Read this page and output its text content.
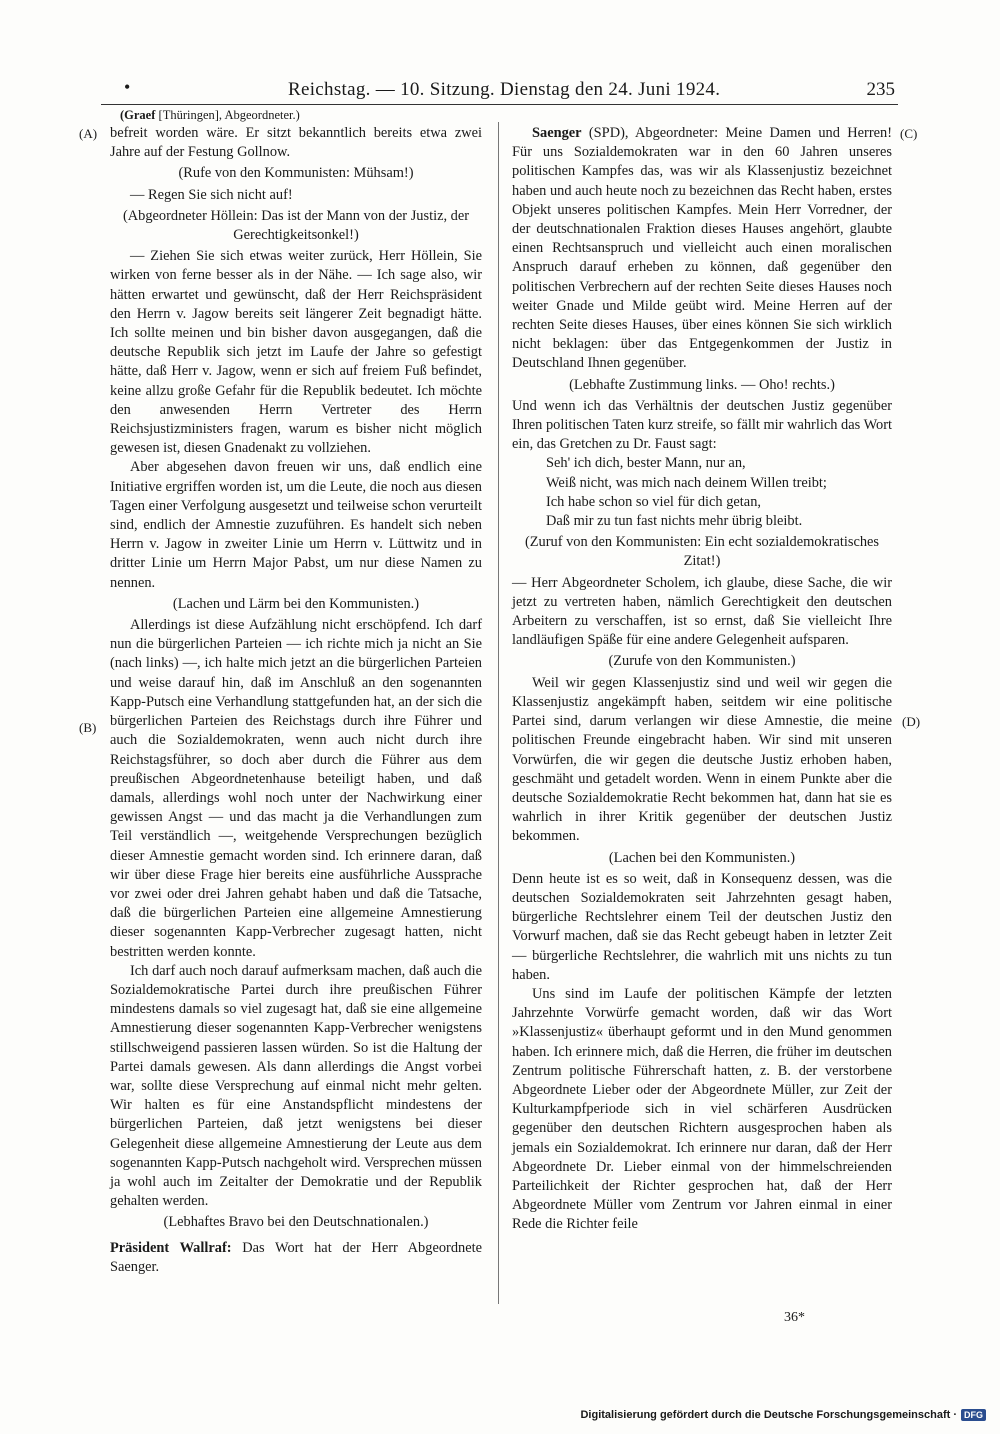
•	Reichstag. — 10. Sitzung. Dienstag den 24. Juni 1924.	235
(Graef [Thüringen], Abgeordneter.)
(A)
(B)
(C)
(D)

befreit worden wäre. Er sitzt bekanntlich bereits etwa zwei Jahre auf der Festung Gollnow.

(Rufe von den Kommunisten: Mühsam!)

— Regen Sie sich nicht auf!

(Abgeordneter Höllein: Das ist der Mann von der Justiz, der Gerechtigkeitsonkel!)

— Ziehen Sie sich etwas weiter zurück, Herr Höllein, Sie wirken von ferne besser als in der Nähe. — Ich sage also, wir hätten erwartet und gewünscht, daß der Herr Reichspräsident den Herrn v. Jagow bereits seit längerer Zeit begnadigt hätte. Ich sollte meinen und bin bisher davon ausgegangen, daß die deutsche Republik sich jetzt im Laufe der Jahre so gefestigt hätte, daß Herr v. Jagow, wenn er sich auf freiem Fuß befindet, keine allzu große Gefahr für die Republik bedeutet. Ich möchte den anwesenden Herrn Vertreter des Herrn Reichsjustizministers fragen, warum es bisher nicht möglich gewesen ist, diesen Gnadenakt zu vollziehen.

Aber abgesehen davon freuen wir uns, daß endlich eine Initiative ergriffen worden ist, um die Leute, die noch aus diesen Tagen einer Verfolgung ausgesetzt und teilweise schon verurteilt sind, endlich der Amnestie zuzuführen. Es handelt sich neben Herrn v. Jagow in zweiter Linie um Herrn v. Lüttwitz und in dritter Linie um Herrn Major Pabst, um nur diese Namen zu nennen.

(Lachen und Lärm bei den Kommunisten.)

Allerdings ist diese Aufzählung nicht erschöpfend. Ich darf nun die bürgerlichen Parteien — ich richte mich ja nicht an Sie (nach links) —, ich halte mich jetzt an die bürgerlichen Parteien und weise darauf hin, daß im Anschluß an den sogenannten Kapp-Putsch eine Verhandlung stattgefunden hat, an der sich die bürgerlichen Parteien des Reichstags durch ihre Führer und auch die Sozialdemokraten, wenn auch nicht durch ihre Reichstagsführer, so doch aber durch die Führer aus dem preußischen Abgeordnetenhause beteiligt haben, und daß damals, allerdings wohl noch unter der Nachwirkung einer gewissen Angst — und das macht ja die Verhandlungen zum Teil verständlich —, weitgehende Versprechungen bezüglich dieser Amnestie gemacht worden sind. Ich erinnere daran, daß wir über diese Frage hier bereits eine ausführliche Aussprache vor zwei oder drei Jahren gehabt haben und daß die Tatsache, daß die bürgerlichen Parteien eine allgemeine Amnestierung dieser sogenannten Kapp-Verbrecher zugesagt hatten, nicht bestritten werden konnte.

Ich darf auch noch darauf aufmerksam machen, daß auch die Sozialdemokratische Partei durch ihre preußischen Führer mindestens damals so viel zugesagt hat, daß sie eine allgemeine Amnestierung dieser sogenannten Kapp-Verbrecher wenigstens stillschweigend passieren lassen würden. So ist die Haltung der Partei damals gewesen. Als dann allerdings die Angst vorbei war, sollte diese Versprechung auf einmal nicht mehr gelten. Wir halten es für eine Anstandspflicht mindestens der bürgerlichen Parteien, daß jetzt wenigstens bei dieser Gelegenheit diese allgemeine Amnestierung der Leute aus dem sogenannten Kapp-Putsch nachgeholt wird. Versprechen müssen ja wohl auch im Zeitalter der Demokratie und der Republik gehalten werden.

(Lebhaftes Bravo bei den Deutschnationalen.)

Präsident Wallraf: Das Wort hat der Herr Abgeordnete Saenger.

Saenger (SPD), Abgeordneter: Meine Damen und Herren! Für uns Sozialdemokraten war in den 60 Jahren unseres politischen Kampfes das, was wir als Klassenjustiz bezeichnet haben und auch heute noch zu bezeichnen das Recht haben, erstes Objekt unseres politischen Kampfes. Mein Herr Vorredner, der der deutschnationalen Fraktion dieses Hauses angehört, glaubte einen Rechtsanspruch und vielleicht auch einen moralischen Anspruch darauf erheben zu können, daß gegenüber den politischen Verbrechern auf der rechten Seite dieses Hauses noch weiter Gnade und Milde geübt wird. Meine Herren auf der rechten Seite dieses Hauses, über eines können Sie sich wirklich nicht beklagen: über das Entgegenkommen der Justiz in Deutschland Ihnen gegenüber.

(Lebhafte Zustimmung links. — Oho! rechts.)

Und wenn ich das Verhältnis der deutschen Justiz gegenüber Ihren politischen Taten kurz streife, so fällt mir wahrlich das Wort ein, das Gretchen zu Dr. Faust sagt:

Seh' ich dich, bester Mann, nur an,

Weiß nicht, was mich nach deinem Willen treibt;

Ich habe schon so viel für dich getan,

Daß mir zu tun fast nichts mehr übrig bleibt.

(Zuruf von den Kommunisten: Ein echt sozialdemokratisches Zitat!)

— Herr Abgeordneter Scholem, ich glaube, diese Sache, die wir jetzt zu vertreten haben, nämlich Gerechtigkeit den deutschen Arbeitern zu verschaffen, ist so ernst, daß Sie vielleicht Ihre landläufigen Späße für eine andere Gelegenheit aufsparen.

(Zurufe von den Kommunisten.)

Weil wir gegen Klassenjustiz sind und weil wir gegen die Klassenjustiz angekämpft haben, seitdem wir eine politische Partei sind, darum verlangen wir diese Amnestie, die meine politischen Freunde eingebracht haben. Wir sind mit unseren Vorwürfen, die wir gegen die deutsche Justiz erhoben haben, geschmäht und getadelt worden. Wenn in einem Punkte aber die deutsche Sozialdemokratie Recht bekommen hat, dann hat sie es wahrlich in ihrer Kritik gegenüber der deutschen Justiz bekommen.

(Lachen bei den Kommunisten.)

Denn heute ist es so weit, daß in Konsequenz dessen, was die deutschen Sozialdemokraten seit Jahrzehnten gesagt haben, bürgerliche Rechtslehrer einem Teil der deutschen Justiz den Vorwurf machen, daß sie das Recht gebeugt haben in letzter Zeit — bürgerliche Rechtslehrer, die wahrlich mit uns nichts zu tun haben.

Uns sind im Laufe der politischen Kämpfe der letzten Jahrzehnte Vorwürfe gemacht worden, daß wir das Wort »Klassenjustiz« überhaupt geformt und in den Mund genommen haben. Ich erinnere mich, daß die Herren, die früher im deutschen Zentrum politische Führerschaft hatten, z. B. der verstorbene Abgeordnete Lieber oder der Abgeordnete Müller, zur Zeit der Kulturkampfperiode sich in viel schärferen Ausdrücken gegenüber den deutschen Richtern ausgesprochen haben als jemals ein Sozialdemokrat. Ich erinnere nur daran, daß der Herr Abgeordnete Dr. Lieber einmal von der himmelschreienden Parteilichkeit der Richter gesprochen hat, daß der Herr Abgeordnete Müller vom Zentrum vor Jahren einmal in einer Rede die Richter feile

36*
Digitalisierung gefördert durch die Deutsche Forschungsgemeinschaft · DFG
